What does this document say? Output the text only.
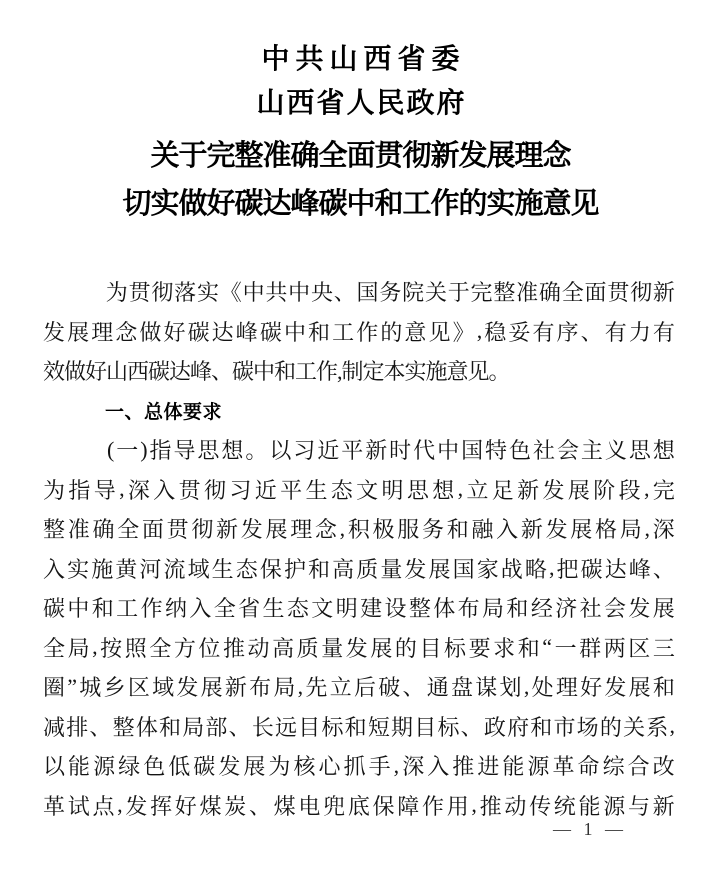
中共山西省委
山西省人民政府
关于完整准确全面贯彻新发展理念
切实做好碳达峰碳中和工作的实施意见
为 贯 彻 落 实 《 中 共 中 央 、 国 务 院 关 于 完 整 准 确 全 面 贯 彻 新
发 展 理 念 做 好 碳 达 峰 碳 中 和 工 作 的 意 见 》 , 稳 妥 有 序 、 有 力 有
效做好山西碳达峰、碳中和工作,制定本实施意见。
一、总体要求
( 一 ) 指 导 思 想 。 以 习 近 平 新 时 代 中 国 特 色 社 会 主 义 思 想
为 指 导 , 深 入 贯 彻 习 近 平 生 态 文 明 思 想 , 立 足 新 发 展 阶 段 , 完
整 准 确 全 面 贯 彻 新 发 展 理 念 , 积 极 服 务 和 融 入 新 发 展 格 局 , 深
入 实 施 黄 河 流 域 生 态 保 护 和 高 质 量 发 展 国 家 战 略 , 把 碳 达 峰 、
碳 中 和 工 作 纳 入 全 省 生 态 文 明 建 设 整 体 布 局 和 经 济 社 会 发 展
全 局 , 按 照 全 方 位 推 动 高 质 量 发 展 的 目 标 要 求 和 “ 一 群 两 区 三
圈 ” 城 乡 区 域 发 展 新 布 局 , 先 立 后 破 、 通 盘 谋 划 , 处 理 好 发 展 和
减 排 、 整 体 和 局 部 、 长 远 目 标 和 短 期 目 标 、 政 府 和 市 场 的 关 系 ,
以 能 源 绿 色 低 碳 发 展 为 核 心 抓 手 , 深 入 推 进 能 源 革 命 综 合 改
革 试 点 , 发 挥 好 煤 炭 、 煤 电 兜 底 保 障 作 用 , 推 动 传 统 能 源 与 新
— 1 —
